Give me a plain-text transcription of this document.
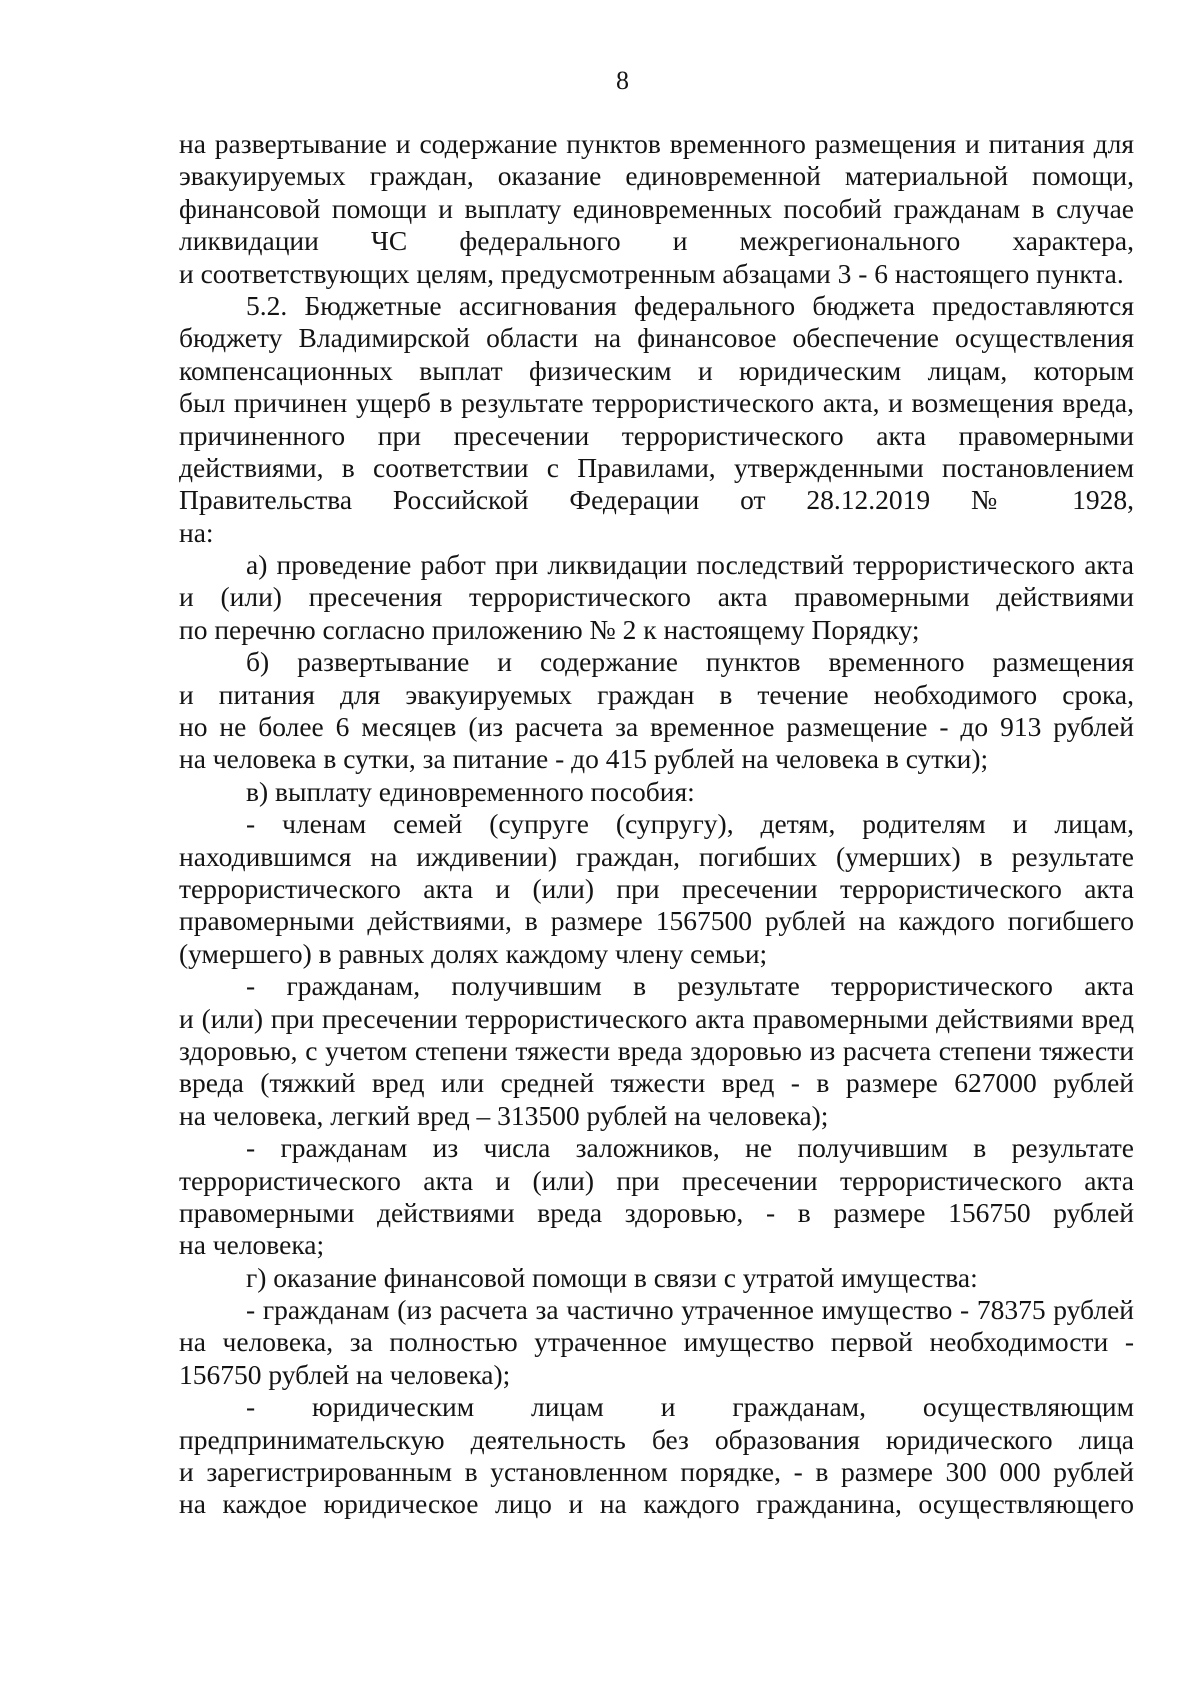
8
на развертывание и содержание пунктов временного размещения и питания для
эвакуируемых граждан, оказание единовременной материальной помощи,
финансовой помощи и выплату единовременных пособий гражданам в случае
ликвидации ЧС федерального и межрегионального характера,
и соответствующих целям, предусмотренным абзацами 3 - 6 настоящего пункта.
5.2. Бюджетные ассигнования федерального бюджета предоставляются
бюджету Владимирской области на финансовое обеспечение осуществления
компенсационных выплат физическим и юридическим лицам, которым
был причинен ущерб в результате террористического акта, и возмещения вреда,
причиненного при пресечении террористического акта правомерными
действиями, в соответствии с Правилами, утвержденными постановлением
Правительства Российской Федерации от 28.12.2019 № 1928,
на:
а) проведение работ при ликвидации последствий террористического акта
и (или) пресечения террористического акта правомерными действиями
по перечню согласно приложению № 2 к настоящему Порядку;
б) развертывание и содержание пунктов временного размещения
и питания для эвакуируемых граждан в течение необходимого срока,
но не более 6 месяцев (из расчета за временное размещение - до 913 рублей
на человека в сутки, за питание - до 415 рублей на человека в сутки);
в) выплату единовременного пособия:
- членам семей (супруге (супругу), детям, родителям и лицам,
находившимся на иждивении) граждан, погибших (умерших) в результате
террористического акта и (или) при пресечении террористического акта
правомерными действиями, в размере 1567500 рублей на каждого погибшего
(умершего) в равных долях каждому члену семьи;
- гражданам, получившим в результате террористического акта
и (или) при пресечении террористического акта правомерными действиями вред
здоровью, с учетом степени тяжести вреда здоровью из расчета степени тяжести
вреда (тяжкий вред или средней тяжести вред - в размере 627000 рублей
на человека, легкий вред – 313500 рублей на человека);
- гражданам из числа заложников, не получившим в результате
террористического акта и (или) при пресечении террористического акта
правомерными действиями вреда здоровью, - в размере 156750 рублей
на человека;
г) оказание финансовой помощи в связи с утратой имущества:
- гражданам (из расчета за частично утраченное имущество - 78375 рублей
на человека, за полностью утраченное имущество первой необходимости -
156750 рублей на человека);
- юридическим лицам и гражданам, осуществляющим
предпринимательскую деятельность без образования юридического лица
и зарегистрированным в установленном порядке, - в размере 300 000 рублей
на каждое юридическое лицо и на каждого гражданина, осуществляющего
